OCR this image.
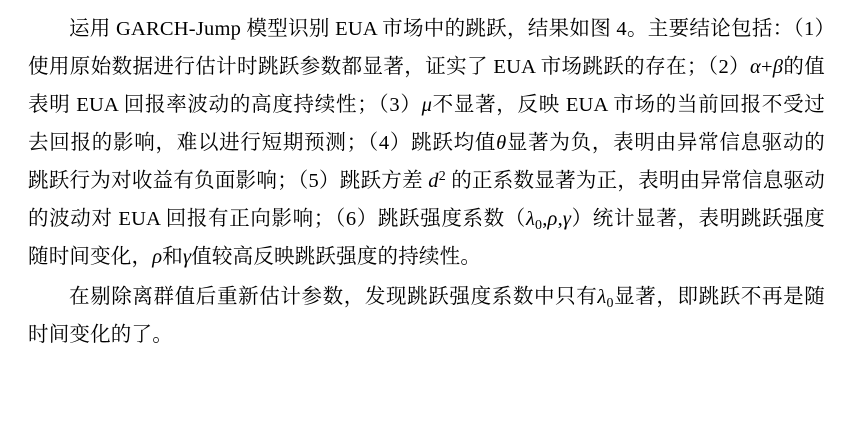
运用 GARCH-Jump 模型识别 EUA 市场中的跳跃，结果如图 4。主要结论包括：（1）使用原始数据进行估计时跳跃参数都显著，证实了 EUA 市场跳跃的存在；（2）α+β的值表明 EUA 回报率波动的高度持续性；（3）μ不显著，反映 EUA 市场的当前回报不受过去回报的影响，难以进行短期预测；（4）跳跃均值θ显著为负，表明由异常信息驱动的跳跃行为对收益有负面影响；（5）跳跃方差 $d^2$ 的正系数显著为正，表明由异常信息驱动的波动对 EUA 回报有正向影响；（6）跳跃强度系数$(\lambda_0,\rho,\gamma)$统计显著，表明跳跃强度随时间变化，ρ和γ值较高反映跳跃强度的持续性。

在剔除离群值后重新估计参数，发现跳跃强度系数中只有$\lambda_0$显著，即跳跃不再是随时间变化的了。
